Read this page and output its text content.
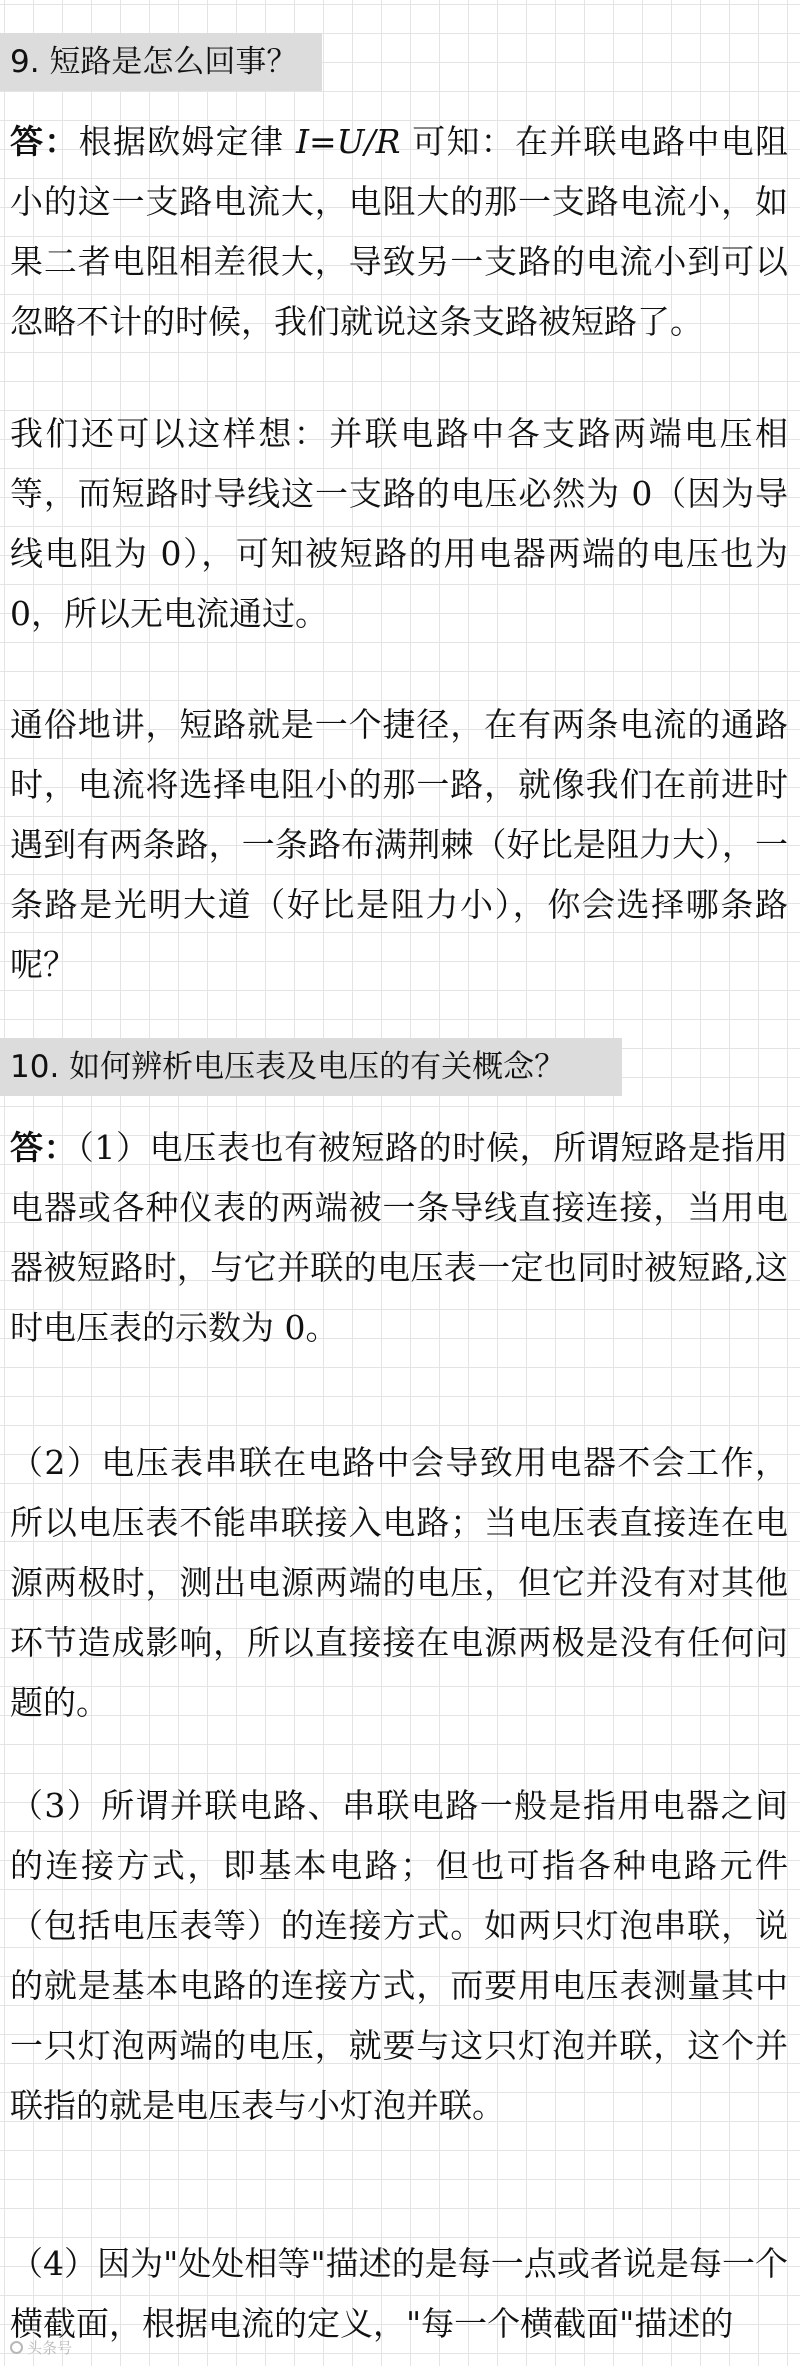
9. 短路是怎么回事？

答：根据欧姆定律 I=U/R 可知：在并联电路中电阻小的这一支路电流大，电阻大的那一支路电流小，如果二者电阻相差很大，导致另一支路的电流小到可以忽略不计的时候，我们就说这条支路被短路了。

我们还可以这样想：并联电路中各支路两端电压相等，而短路时导线这一支路的电压必然为 0（因为导线电阻为 0），可知被短路的用电器两端的电压也为 0，所以无电流通过。

通俗地讲，短路就是一个捷径，在有两条电流的通路时，电流将选择电阻小的那一路，就像我们在前进时遇到有两条路，一条路布满荆棘（好比是阻力大），一条路是光明大道（好比是阻力小），你会选择哪条路呢？

10. 如何辨析电压表及电压的有关概念？

答：（1）电压表也有被短路的时候，所谓短路是指用电器或各种仪表的两端被一条导线直接连接，当用电器被短路时，与它并联的电压表一定也同时被短路,这时电压表的示数为 0。

（2）电压表串联在电路中会导致用电器不会工作，所以电压表不能串联接入电路；当电压表直接连在电源两极时，测出电源两端的电压，但它并没有对其他环节造成影响，所以直接接在电源两极是没有任何问题的。

（3）所谓并联电路、串联电路一般是指用电器之间的连接方式，即基本电路；但也可指各种电路元件（包括电压表等）的连接方式。如两只灯泡串联，说的就是基本电路的连接方式，而要用电压表测量其中一只灯泡两端的电压，就要与这只灯泡并联，这个并联指的就是电压表与小灯泡并联。

（4）因为"处处相等"描述的是每一点或者说是每一个横截面，根据电流的定义，"每一个横截面"描述的

头条号
